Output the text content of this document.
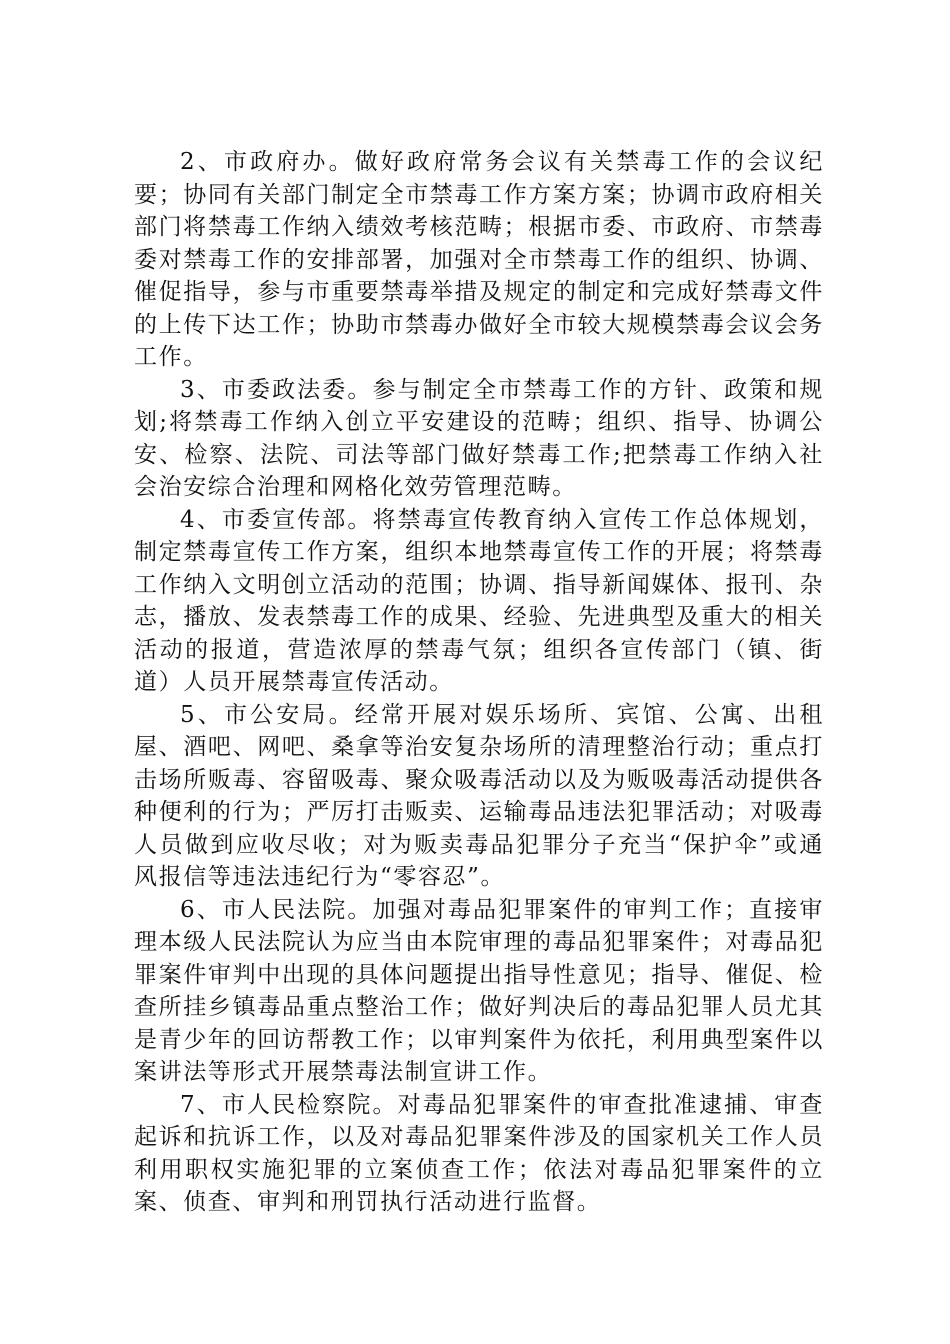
2、市政府办。做好政府常务会议有关禁毒工作的会议纪要；协同有关部门制定全市禁毒工作方案方案；协调市政府相关部门将禁毒工作纳入绩效考核范畴；根据市委、市政府、市禁毒委对禁毒工作的安排部署，加强对全市禁毒工作的组织、协调、催促指导，参与市重要禁毒举措及规定的制定和完成好禁毒文件的上传下达工作；协助市禁毒办做好全市较大规模禁毒会议会务工作。

3、市委政法委。参与制定全市禁毒工作的方针、政策和规划;将禁毒工作纳入创立平安建设的范畴；组织、指导、协调公安、检察、法院、司法等部门做好禁毒工作;把禁毒工作纳入社会治安综合治理和网格化效劳管理范畴。

4、市委宣传部。将禁毒宣传教育纳入宣传工作总体规划，制定禁毒宣传工作方案，组织本地禁毒宣传工作的开展；将禁毒工作纳入文明创立活动的范围；协调、指导新闻媒体、报刊、杂志，播放、发表禁毒工作的成果、经验、先进典型及重大的相关活动的报道，营造浓厚的禁毒气氛；组织各宣传部门（镇、街道）人员开展禁毒宣传活动。

5、市公安局。经常开展对娱乐场所、宾馆、公寓、出租屋、酒吧、网吧、桑拿等治安复杂场所的清理整治行动；重点打击场所贩毒、容留吸毒、聚众吸毒活动以及为贩吸毒活动提供各种便利的行为；严厉打击贩卖、运输毒品违法犯罪活动；对吸毒人员做到应收尽收；对为贩卖毒品犯罪分子充当“保护伞”或通风报信等违法违纪行为“零容忍”。

6、市人民法院。加强对毒品犯罪案件的审判工作；直接审理本级人民法院认为应当由本院审理的毒品犯罪案件；对毒品犯罪案件审判中出现的具体问题提出指导性意见；指导、催促、检查所挂乡镇毒品重点整治工作；做好判决后的毒品犯罪人员尤其是青少年的回访帮教工作；以审判案件为依托，利用典型案件以案讲法等形式开展禁毒法制宣讲工作。

7、市人民检察院。对毒品犯罪案件的审查批准逮捕、审查起诉和抗诉工作，以及对毒品犯罪案件涉及的国家机关工作人员利用职权实施犯罪的立案侦查工作；依法对毒品犯罪案件的立案、侦查、审判和刑罚执行活动进行监督。
